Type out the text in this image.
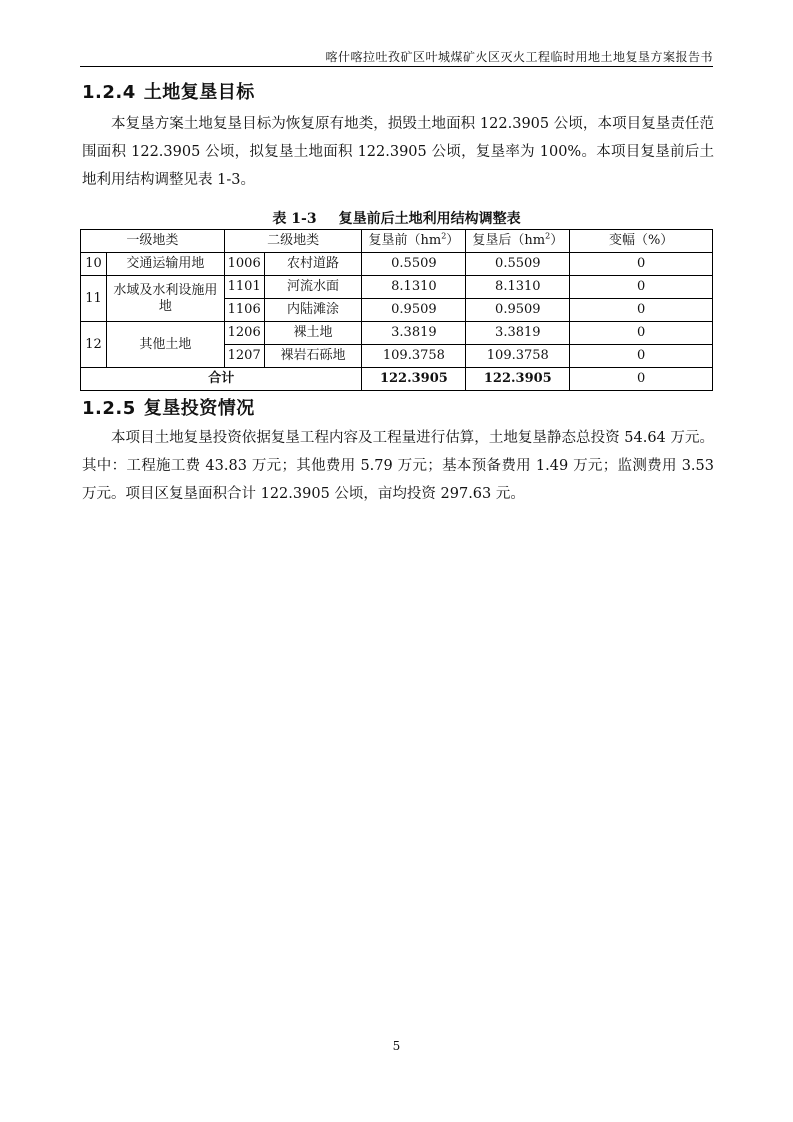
喀什喀拉吐孜矿区叶城煤矿火区灭火工程临时用地土地复垦方案报告书
1.2.4 土地复垦目标

本复垦方案土地复垦目标为恢复原有地类，损毁土地面积 122.3905 公顷，本项目复垦责任范围面积 122.3905 公顷，拟复垦土地面积 122.3905 公顷，复垦率为 100%。本项目复垦前后土地利用结构调整见表 1-3。

表 1-3 复垦前后土地利用结构调整表
一级地类		二级地类		复垦前$(hm^2)$	复垦后$(hm^2)$	变幅（%）
10	交通运输用地	1006	农村道路	0.5509	0.5509	0
11	水域及水利设施用地	1101	河流水面	8.1310	8.1310	0
		1106	内陆滩涂	0.9509	0.9509	0
12	其他土地	1206	裸土地	3.3819	3.3819	0
		1207	裸岩石砾地	109.3758	109.3758	0
合计				122.3905	122.3905	0
1.2.5 复垦投资情况

本项目土地复垦投资依据复垦工程内容及工程量进行估算，土地复垦静态总投资 54.64 万元。其中：工程施工费 43.83 万元；其他费用 5.79 万元；基本预备费用 1.49 万元；监测费用 3.53 万元。项目区复垦面积合计 122.3905 公顷，亩均投资 297.63 元。

5
